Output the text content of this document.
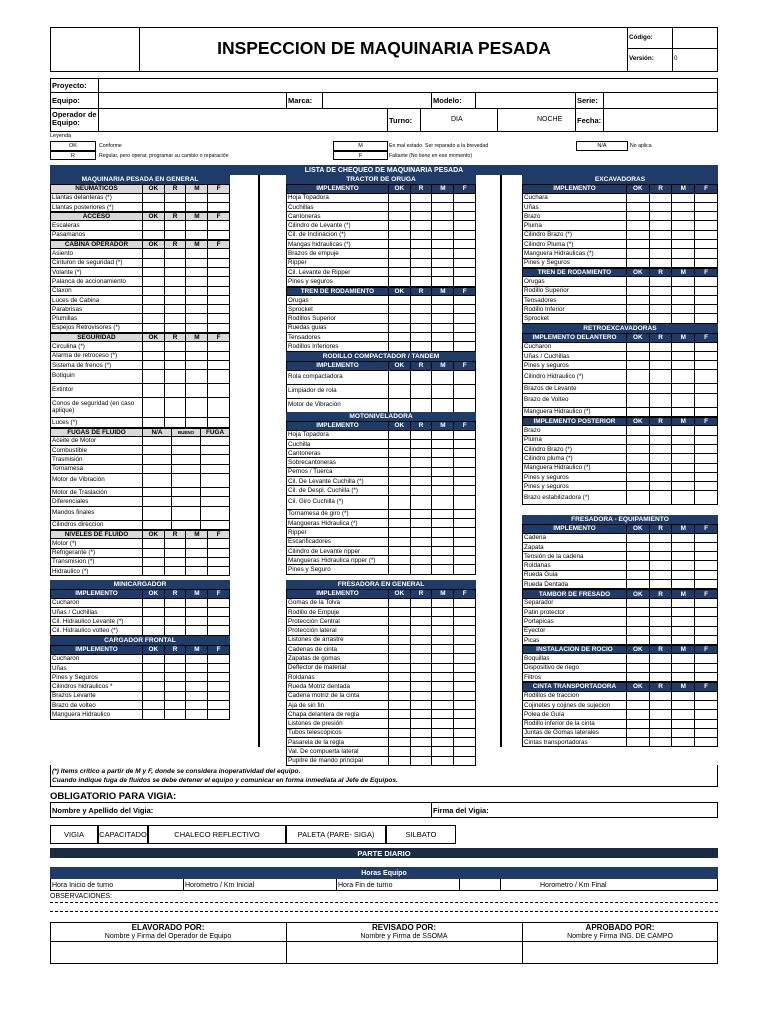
INSPECCION DE MAQUINARIA PESADA
Código:
Versión:	0
Proyecto:
Equipo:	Marca:	Modelo:	Serie:
Operador de Equipo:	Turno:	DIA	NOCHE Fecha:
Leyenda
OK	Conforme
R	Regular, pero operar, programar su cambio o reparación
M	En mal estado. Ser reparado a la brevedad
F	Faltante (No tiene en ese momento)
N/A	No aplica
LISTA DE CHEQUEO DE MAQUINARIA PESADA
MAQUINARIA PESADA EN GENERAL	TRACTOR DE ORUGA	EXCAVADORAS
NEUMATICOS	OK	R	M	F
Llantas delanteras (*)
Llantas posteriores (*)
ACCESO	OK	R	M	F
Escaleras
Pasamanos
CABINA OPERADOR	OK	R	M	F
Asiento
Cinturon de seguridad (*)
Volante (*)
Palanca de accionamiento
Claxon
Luces de Cabina
Parabrisas
Plumillas
Espejos Retrovisores (*)
SEGURIDAD	OK	R	M	F
Circulina (*)
Alarma de retroceso (*)
Sistema de frenos (*)
Botiquin
Extintor
Conos de seguridad (en caso aplique)
Luces (*)
FUGAS DE FLUIDO	N/A	BUENO	FUGA
Aceite de Motor
Combustible
Trasmisión
Tornamesa
Motor de Vibración
Motor de Traslación
Diferenciales
Mandos finales
Cilindros direccion
NIVELES DE FLUIDO	OK	R	M	F
Motor (*)
Refrigerante (*)
Transmision (*)
Hidraulico (*)
MINICARGADOR
IMPLEMENTO	OK	R	M	F
Cucharon
Uñas / Cuchillas
Cil. Hidraulico Levante (*)
Cil. Hidraulico volteo (*)
CARGADOR FRONTAL
IMPLEMENTO	OK	R	M	F
Cucharon
Uñas
Pines y Seguros
Cilindros hidraulicos *
Brazos Levante
Brazo de volteo
Manguera Hidraulico
IMPLEMENTO	OK	R	M	F
Hoja Topadora
Cuchillas
Cantoneras
Cilindro de Levante (*)
Cil. de Inclinacion (*)
Mangas hidraulicas (*)
Brazos de empuje
Ripper
Cil. Levante de Ripper
Pines y seguros
TREN DE RODAMIENTO	OK	R	M	F
Orugas
Sprocket
Rodillos Superior
Ruedas guias
Tensadores
Rodillos Inferiores
RODILLO COMPACTADOR / TANDEM
IMPLEMENTO	OK	R	M	F
Rola compactadora
Limpiador de rola
Motor de Vibración
MOTONIVELADORA
IMPLEMENTO	OK	R	M	F
Hoja Topadora
Cuchilla
Cantoneras
Sobrecantoneras
Pernos / Tuerca
Cil. De Levante Cuchilla (*)
Cil. de Despl. Cuchilla (*)
Cil. Giro Cuchilla (*)
Tornamesa de giro (*)
Mangueras Hidraulica (*)
Ripper
Escarificadores
Cilindro de Levante ripper
Mangueras Hidraulica ripper (*)
Pines y Seguro
FRESADORA EN GENERAL
IMPLEMENTO	OK	R	M	F
Gomas de la Tolva
Rodillo de Empuje
Protección Central
Protección lateral
Listones de arrastre
Cadenas de cinta
Zapatas de gomas
Deflector de material
Roldanas
Rueda Motriz dentada
Cadena motriz de la cinta
Aja de sin fin
Chapa delantera de regla
Listones de presión
Tubos telescópicos
Pasarela de la regla
Val. De compuerta lateral
Pupitre de mando principal
IMPLEMENTO	OK	R	M	F
Cuchara
Uñas
Brazo
Pluma
Cilindro Brazo (*)
Cilindro Pluma (*)
Manguera Hidraulicas (*)
Pines y Seguros
TREN DE RODAMIENTO	OK	R	M	F
Orugas
Rodillo Superior
Tensadores
Rodillo Inferior
Sprocket
RETROEXCAVADORAS
IMPLEMENTO DELANTERO	OK	R	M	F
Cucharon
Uñas / Cuchillas
Pines y seguros
Cilindro Hidraulico (*)
Brazos de Levante
Brazo de Volteo
Manguera Hidraulico (*)
IMPLEMENTO POSTERIOR	OK	R	M	F
Brazo
Pluma
Cilindro Brazo (*)
Cilindro pluma (*)
Manguera Hidraulico (*)
Pines y seguros
Pines y seguros
Brazo estabilizadora (*)
FRESADORA - EQUIPAMIENTO
IMPLEMENTO	OK	R	M	F
Cadena
Zapata
Tensión de la cadena
Roldanas
Rueda Guia
Rueda Dentada
TAMBOR DE FRESADO	OK	R	M	F
Separador
Patin protector
Portapicas
Eyector
Picas
INSTALACIÓN DE ROCIO	OK	R	M	F
Boquillas
Dispositivo de riego
Filtros
CINTA TRANSPORTADORA	OK	R	M	F
Rodillos de traccion
Cojinetes y cojines de sujecion
Polea de Guía
Rodillo inferior de la cinta
Juntas de Gomas laterales
Cintas transportadoras
(*) Items crítico a partir de M y F, donde se considera inoperatividad del equipo.
Cuando indique fuga de fluidos se debe detener el equipo y comunicar en forma inmediata al Jefe de Equipos.
OBLIGATORIO PARA VIGIA:
Nombre y Apellido del Vigia:	Firma del Vigia:
VIGIA	CAPACITADO	CHALECO REFLECTIVO	PALETA (PARE- SIGA)	SILBATO
PARTE DIARIO
Horas Equipo
Hora Inicio de turno	Horometro / Km Inicial	Hora Fin de turno	Horometro / Km Final
OBSERVACIONES:
ELAVORADO POR:
Nombre y Firma del Operador de Equipo
REVISADO POR:
Nombre y Firma de SSOMA
APROBADO POR:
Nombre y Firma ING. DE CAMPO
